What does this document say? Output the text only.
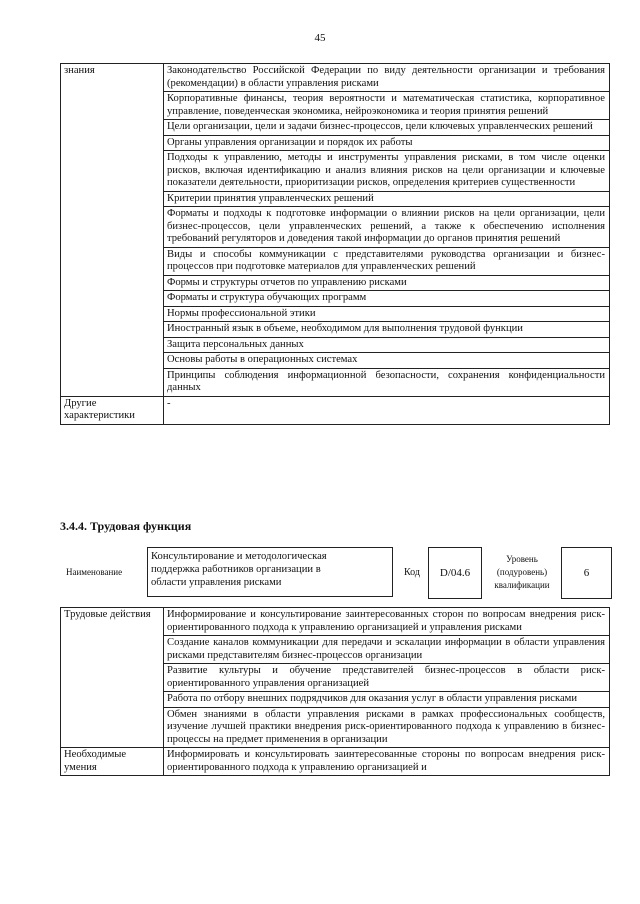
45
знания	Законодательство Российской Федерации по виду деятельности организации и требования (рекомендации) в области управления рисками
	Корпоративные финансы, теория вероятности и математическая статистика, корпоративное управление, поведенческая экономика, нейроэкономика и теория принятия решений
	Цели организации, цели и задачи бизнес-процессов, цели ключевых управленческих решений
	Органы управления организации и порядок их работы
	Подходы к управлению, методы и инструменты управления рисками, в том числе оценки рисков, включая идентификацию и анализ влияния рисков на цели организации и ключевые показатели деятельности, приоритизации рисков, определения критериев существенности
	Критерии принятия управленческих решений
	Форматы и подходы к подготовке информации о влиянии рисков на цели организации, цели бизнес-процессов, цели управленческих решений, а также к обеспечению исполнения требований регуляторов и доведения такой информации до органов принятия решений
	Виды и способы коммуникации с представителями руководства организации и бизнес-процессов при подготовке материалов для управленческих решений
	Формы и структуры отчетов по управлению рисками
	Форматы и структура обучающих программ
	Нормы профессиональной этики
	Иностранный язык в объеме, необходимом для выполнения трудовой функции
	Защита персональных данных
	Основы работы в операционных системах
	Принципы соблюдения информационной безопасности, сохранения конфиденциальности данных
Другие характеристики	-
3.4.4. Трудовая функция
Наименование
Консультирование и методологическая
поддержка работников организации в
области управления рисками
Код	D/04.6
Уровень
(подуровень)
квалификации
6
Трудовые действия	Информирование и консультирование заинтересованных сторон по вопросам внедрения риск-ориентированного подхода к управлению организацией и управления рисками
	Создание каналов коммуникации для передачи и эскалации информации в области управления рисками представителям бизнес-процессов организации
	Развитие культуры и обучение представителей бизнес-процессов в области риск-ориентированного управления организацией
	Работа по отбору внешних подрядчиков для оказания услуг в области управления рисками
	Обмен знаниями в области управления рисками в рамках профессиональных сообществ, изучение лучшей практики внедрения риск-ориентированного подхода к управлению в бизнес-процессы на предмет применения в организации
Необходимые умения	Информировать и консультировать заинтересованные стороны по вопросам внедрения риск-ориентированного подхода к управлению организацией и
